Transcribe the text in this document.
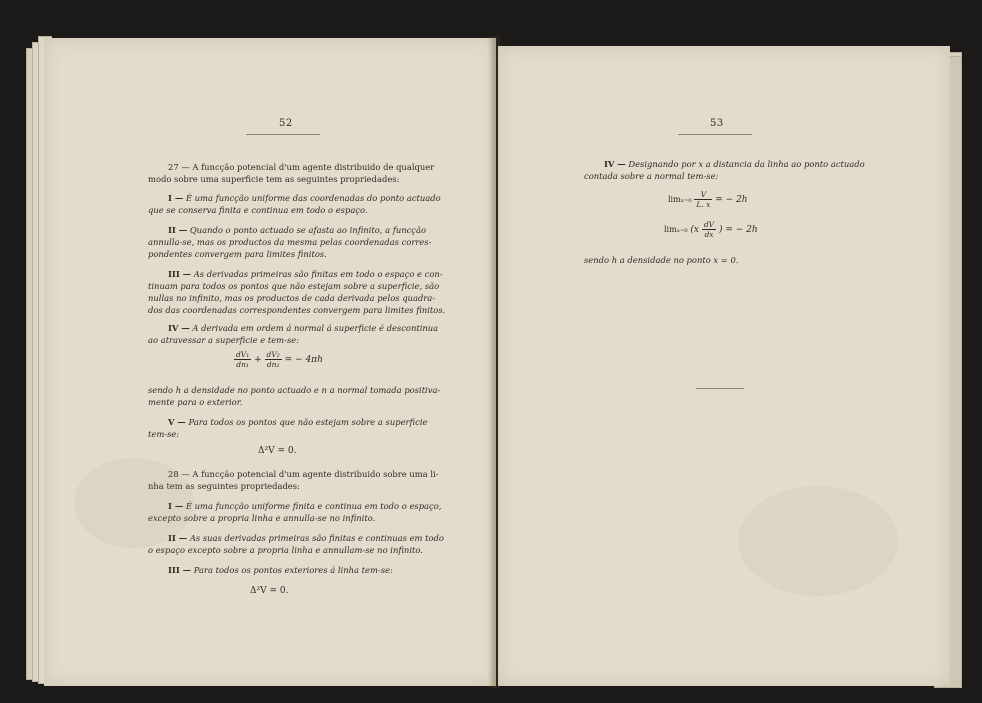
52
27 — A funcção potencial d'um agente distribuido de qualquer
modo sobre uma superficie tem as seguintes propriedades:
I — É uma funcção uniforme das coordenadas do ponto actuado
que se conserva finita e continua em todo o espaço.
II — Quando o ponto actuado se afasta ao infinito, a funcção
annulla-se, mas os productos da mesma pelas coordenadas corres-
pondentes convergem para limites finitos.
III — As derivadas primeiras são finitas em todo o espaço e con-
tinuam para todos os pontos que não estejam sobre a superficie, são
nullas no infinito, mas os productos de cada derivada pelos quadra-
dos das coordenadas correspondentes convergem para limites finitos.
IV — A derivada em ordem á normal á superficie é descontinua
ao atravessar a superficie e tem-se:
$\frac{\text{dV₁}}{\text{dn₁}} + \frac{\text{dV₂}}{\text{dn₂}}$ = − 4πh
sendo h a densidade no ponto actuado e n a normal tomada positiva-
mente para o exterior.
V — Para todos os pontos que não estejam sobre a superficie
tem-se:
Δ²V = 0.
28 — A funcção potencial d'um agente distribuido sobre uma li-
nha tem as seguintes propriedades:
I — É uma funcção uniforme finita e continua em todo o espaço,
excepto sobre a propria linha e annulla-se no infinito.
II — As suas derivadas primeiras são finitas e continuas em todo
o espaço excepto sobre a propria linha e annullam-se no infinito.
III — Para todos os pontos exteriores á linha tem-se:
Δ²V = 0.
53
IV — Designando por x a distancia da linha ao ponto actuado
contada sobre a normal tem-se:
$\lim_{x=0} \frac{V}{L. x}$ = − 2h
limₓ₌₀ ($x \frac{dV}{dx}$ ) = − 2h
sendo h a densidade no ponto x = 0.
